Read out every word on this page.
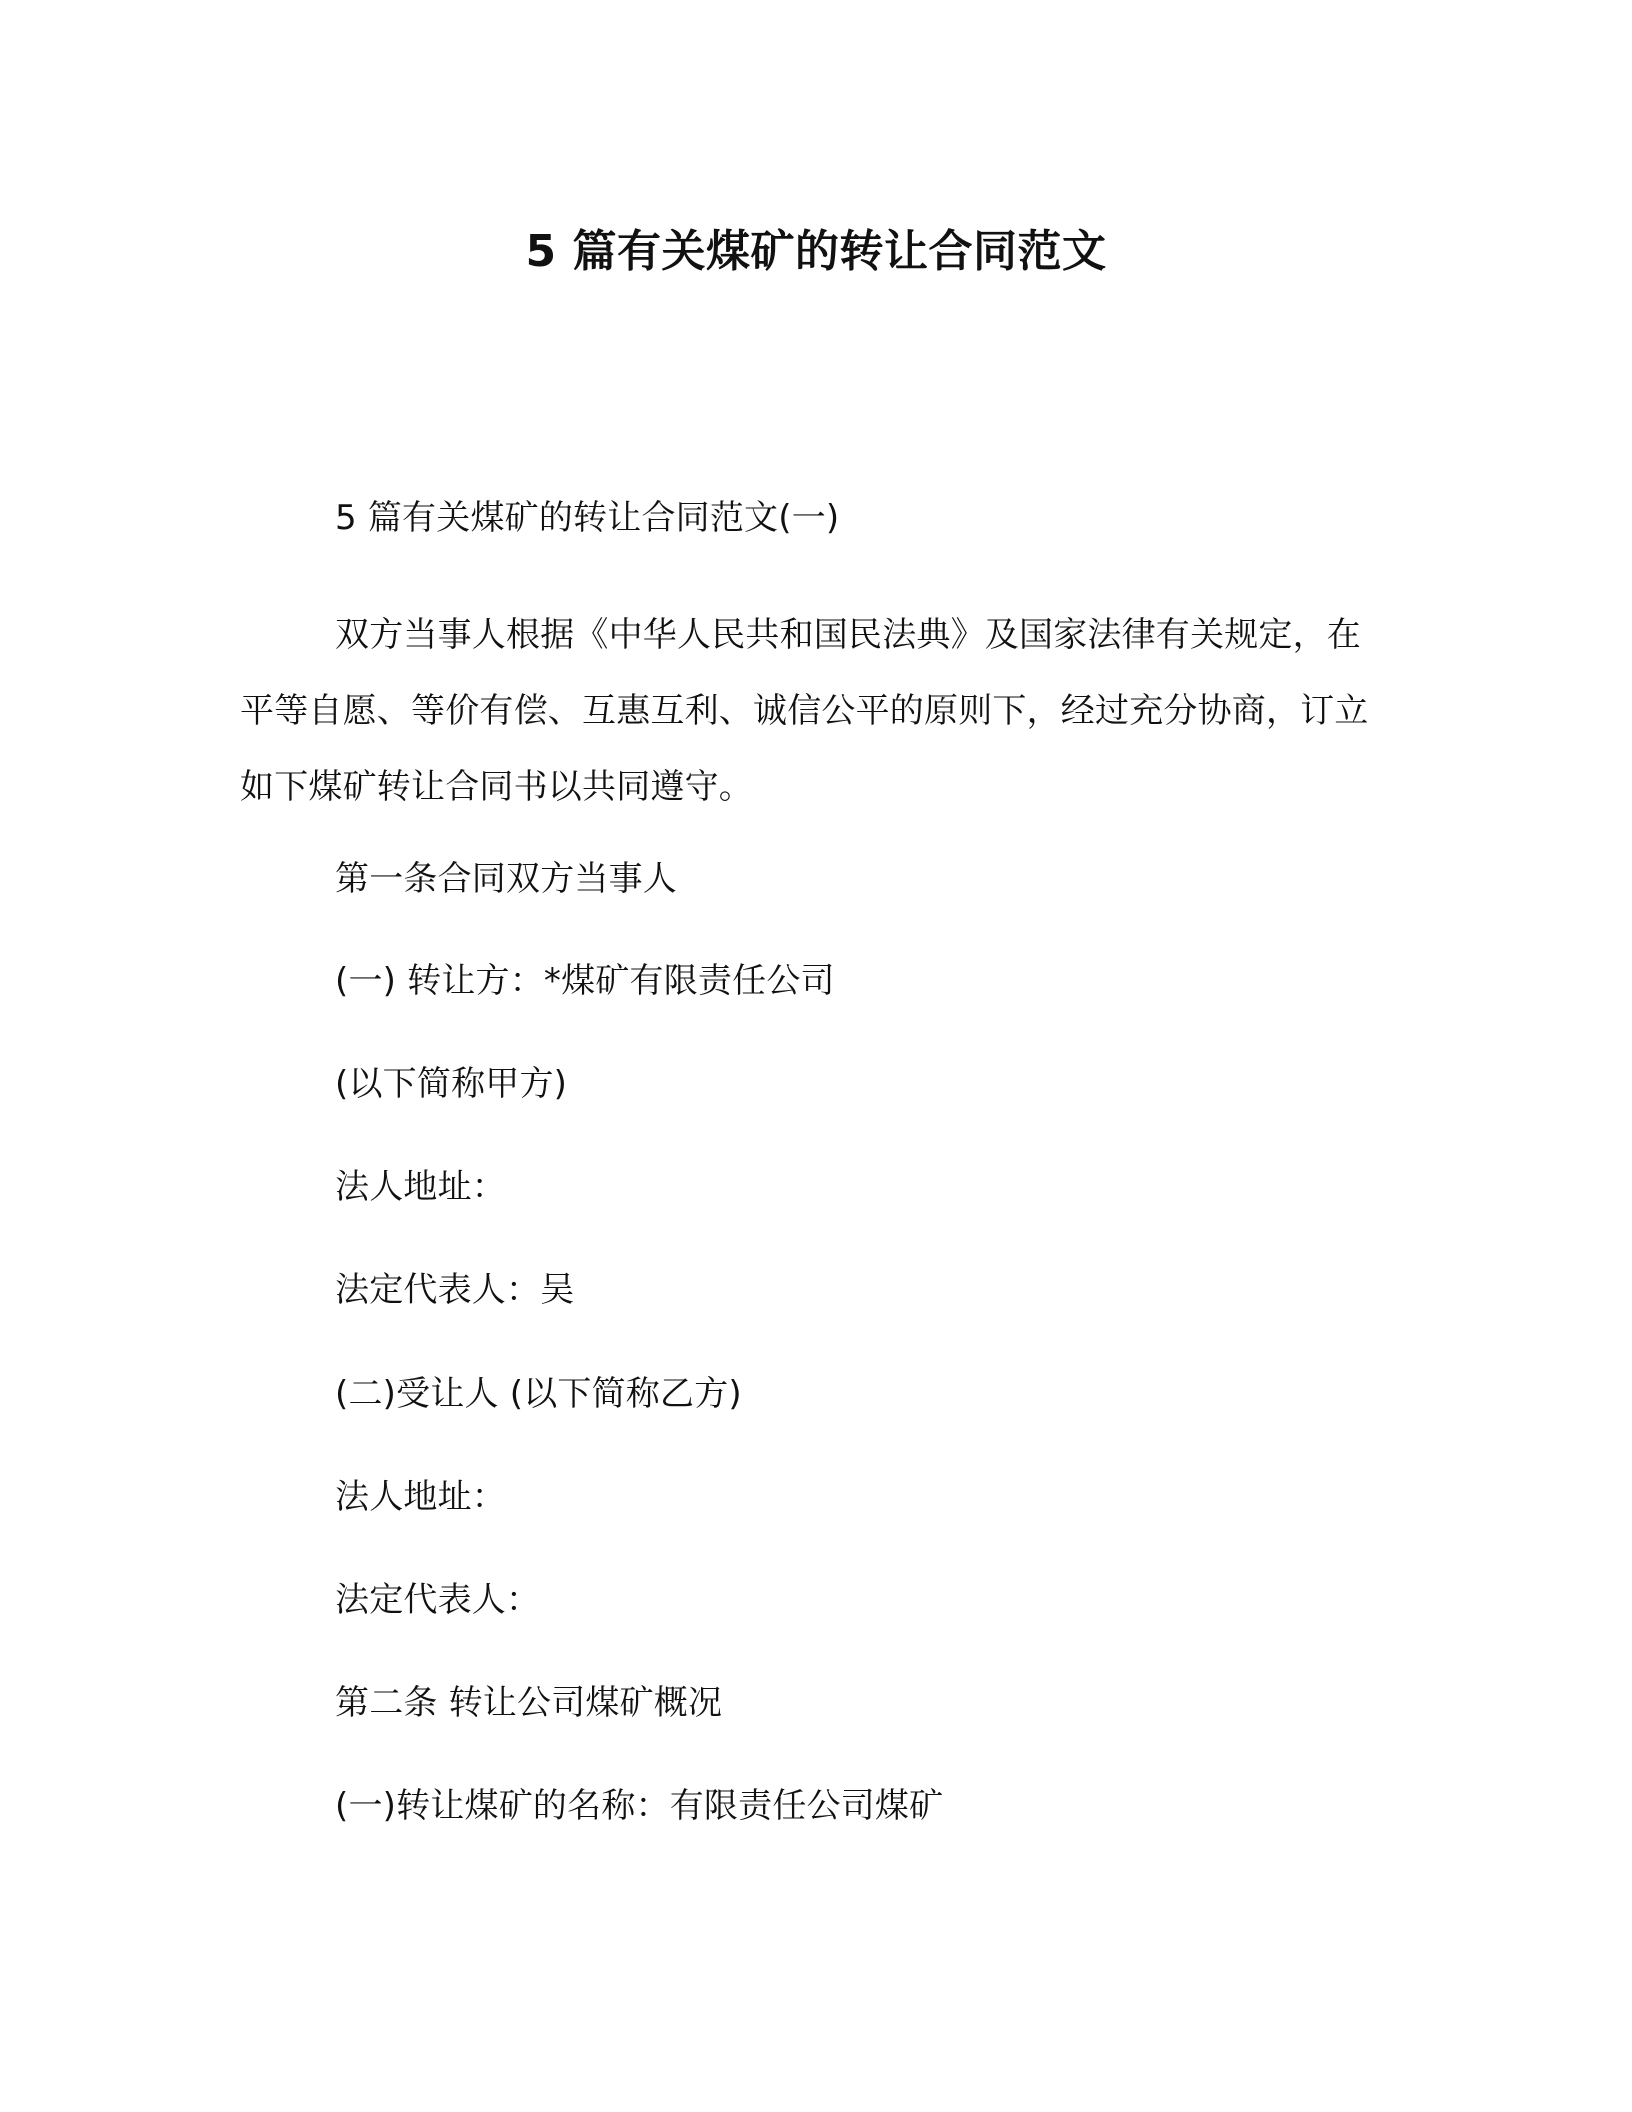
5 篇有关煤矿的转让合同范文
5 篇有关煤矿的转让合同范文(一)
双方当事人根据《中华人民共和国民法典》及国家法律有关规定，在平等自愿、等价有偿、互惠互利、诚信公平的原则下，经过充分协商，订立如下煤矿转让合同书以共同遵守。
第一条合同双方当事人
(一) 转让方：*煤矿有限责任公司
(以下简称甲方)
法人地址：
法定代表人：吴
(二)受让人 (以下简称乙方)
法人地址：
法定代表人：
第二条 转让公司煤矿概况
(一)转让煤矿的名称：有限责任公司煤矿
